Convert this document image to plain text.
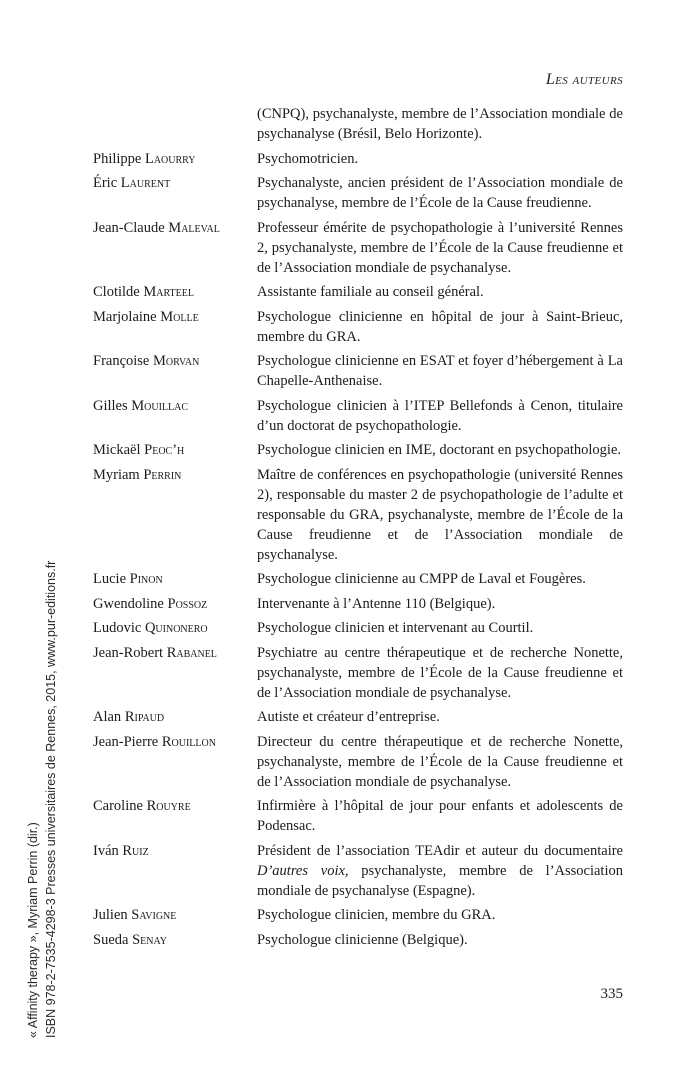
Les auteurs
(CNPQ), psychanalyste, membre de l’Association mondiale de psychanalyse (Brésil, Belo Horizonte).
Philippe Laourry	Psychomotricien.
Éric Laurent	Psychanalyste, ancien président de l’Association mondiale de psychanalyse, membre de l’École de la Cause freudienne.
Jean-Claude Maleval	Professeur émérite de psychopathologie à l’université Rennes 2, psychanalyste, membre de l’École de la Cause freudienne et de l’Association mondiale de psychanalyse.
Clotilde Marteel	Assistante familiale au conseil général.
Marjolaine Molle	Psychologue clinicienne en hôpital de jour à Saint-Brieuc, membre du GRA.
Françoise Morvan	Psychologue clinicienne en ESAT et foyer d’hébergement à La Chapelle-Anthenaise.
Gilles Mouillac	Psychologue clinicien à l’ITEP Bellefonds à Cenon, titulaire d’un doctorat de psychopathologie.
Mickaël Peoc’h	Psychologue clinicien en IME, doctorant en psychopathologie.
Myriam Perrin	Maître de conférences en psychopathologie (université Rennes 2), responsable du master 2 de psychopathologie de l’adulte et responsable du GRA, psychanalyste, membre de l’École de la Cause freudienne et de l’Association mondiale de psychanalyse.
Lucie Pinon	Psychologue clinicienne au CMPP de Laval et Fougères.
Gwendoline Possoz	Intervenante à l’Antenne 110 (Belgique).
Ludovic Quinonero	Psychologue clinicien et intervenant au Courtil.
Jean-Robert Rabanel	Psychiatre au centre thérapeutique et de recherche Nonette, psychanalyste, membre de l’École de la Cause freudienne et de l’Association mondiale de psychanalyse.
Alan Ripaud	Autiste et créateur d’entreprise.
Jean-Pierre Rouillon	Directeur du centre thérapeutique et de recherche Nonette, psychanalyste, membre de l’École de la Cause freudienne et de l’Association mondiale de psychanalyse.
Caroline Rouyre	Infirmière à l’hôpital de jour pour enfants et adolescents de Podensac.
Iván Ruiz	Président de l’association TEAdir et auteur du documentaire D’autres voix, psychanalyste, membre de l’Association mondiale de psychanalyse (Espagne).
Julien Savigne	Psychologue clinicien, membre du GRA.
Sueda Senay	Psychologue clinicienne (Belgique).
« Affinity therapy », Myriam Perrin (dir.) ISBN 978-2-7535-4298-3 Presses universitaires de Rennes, 2015, www.pur-editions.fr	335
